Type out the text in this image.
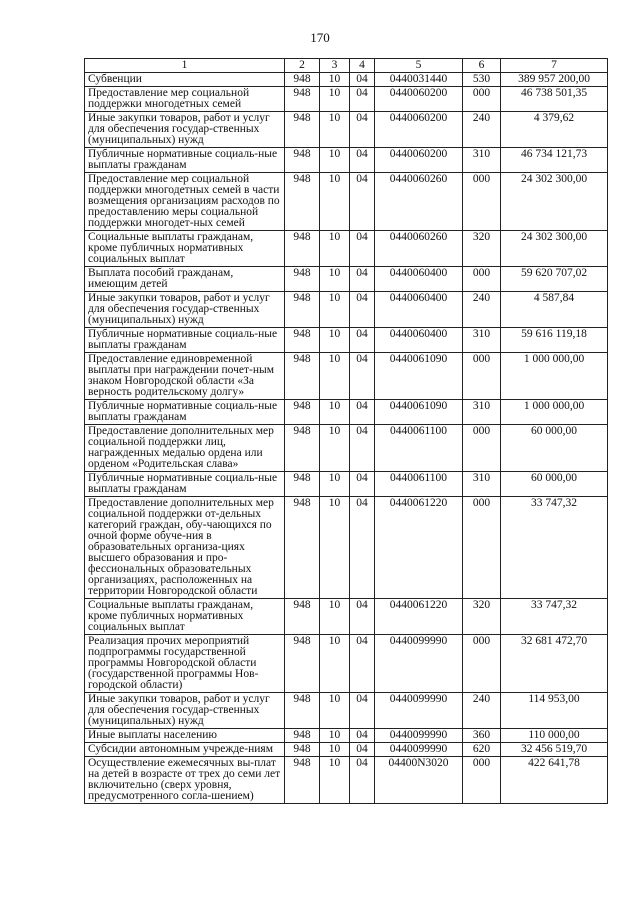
170
1	2	3	4	5	6	7
Субвенции	948	10	04	0440031440	530	389 957 200,00
Предоставление мер социальной поддержки многодетных семей	948	10	04	0440060200	000	46 738 501,35
Иные закупки товаров, работ и услуг для обеспечения государ-ственных (муниципальных) нужд	948	10	04	0440060200	240	4 379,62
Публичные нормативные социаль-ные выплаты гражданам	948	10	04	0440060200	310	46 734 121,73
Предоставление мер социальной поддержки многодетных семей в части возмещения организациям расходов по предоставлению меры социальной поддержки многодет-ных семей	948	10	04	0440060260	000	24 302 300,00
Социальные выплаты гражданам, кроме публичных нормативных социальных выплат	948	10	04	0440060260	320	24 302 300,00
Выплата пособий гражданам, имеющим детей	948	10	04	0440060400	000	59 620 707,02
Иные закупки товаров, работ и услуг для обеспечения государ-ственных (муниципальных) нужд	948	10	04	0440060400	240	4 587,84
Публичные нормативные социаль-ные выплаты гражданам	948	10	04	0440060400	310	59 616 119,18
Предоставление единовременной выплаты при награждении почет-ным знаком Новгородской области «За верность родительскому долгу»	948	10	04	0440061090	000	1 000 000,00
Публичные нормативные социаль-ные выплаты гражданам	948	10	04	0440061090	310	1 000 000,00
Предоставление дополнительных мер социальной поддержки лиц, награжденных медалью ордена или орденом «Родительская слава»	948	10	04	0440061100	000	60 000,00
Публичные нормативные социаль-ные выплаты гражданам	948	10	04	0440061100	310	60 000,00
Предоставление дополнительных мер социальной поддержки от-дельных категорий граждан, обу-чающихся по очной форме обуче-ния в образовательных организа-циях высшего образования и про-фессиональных образовательных организациях, расположенных на территории Новгородской области	948	10	04	0440061220	000	33 747,32
Социальные выплаты гражданам, кроме публичных нормативных социальных выплат	948	10	04	0440061220	320	33 747,32
Реализация прочих мероприятий подпрограммы государственной программы Новгородской области (государственной программы Нов-городской области)	948	10	04	0440099990	000	32 681 472,70
Иные закупки товаров, работ и услуг для обеспечения государ-ственных (муниципальных) нужд	948	10	04	0440099990	240	114 953,00
Иные выплаты населению	948	10	04	0440099990	360	110 000,00
Субсидии автономным учрежде-ниям	948	10	04	0440099990	620	32 456 519,70
Осуществление ежемесячных вы-плат на детей в возрасте от трех до семи лет включительно (сверх уровня, предусмотренного согла-шением)	948	10	04	04400N3020	000	422 641,78
